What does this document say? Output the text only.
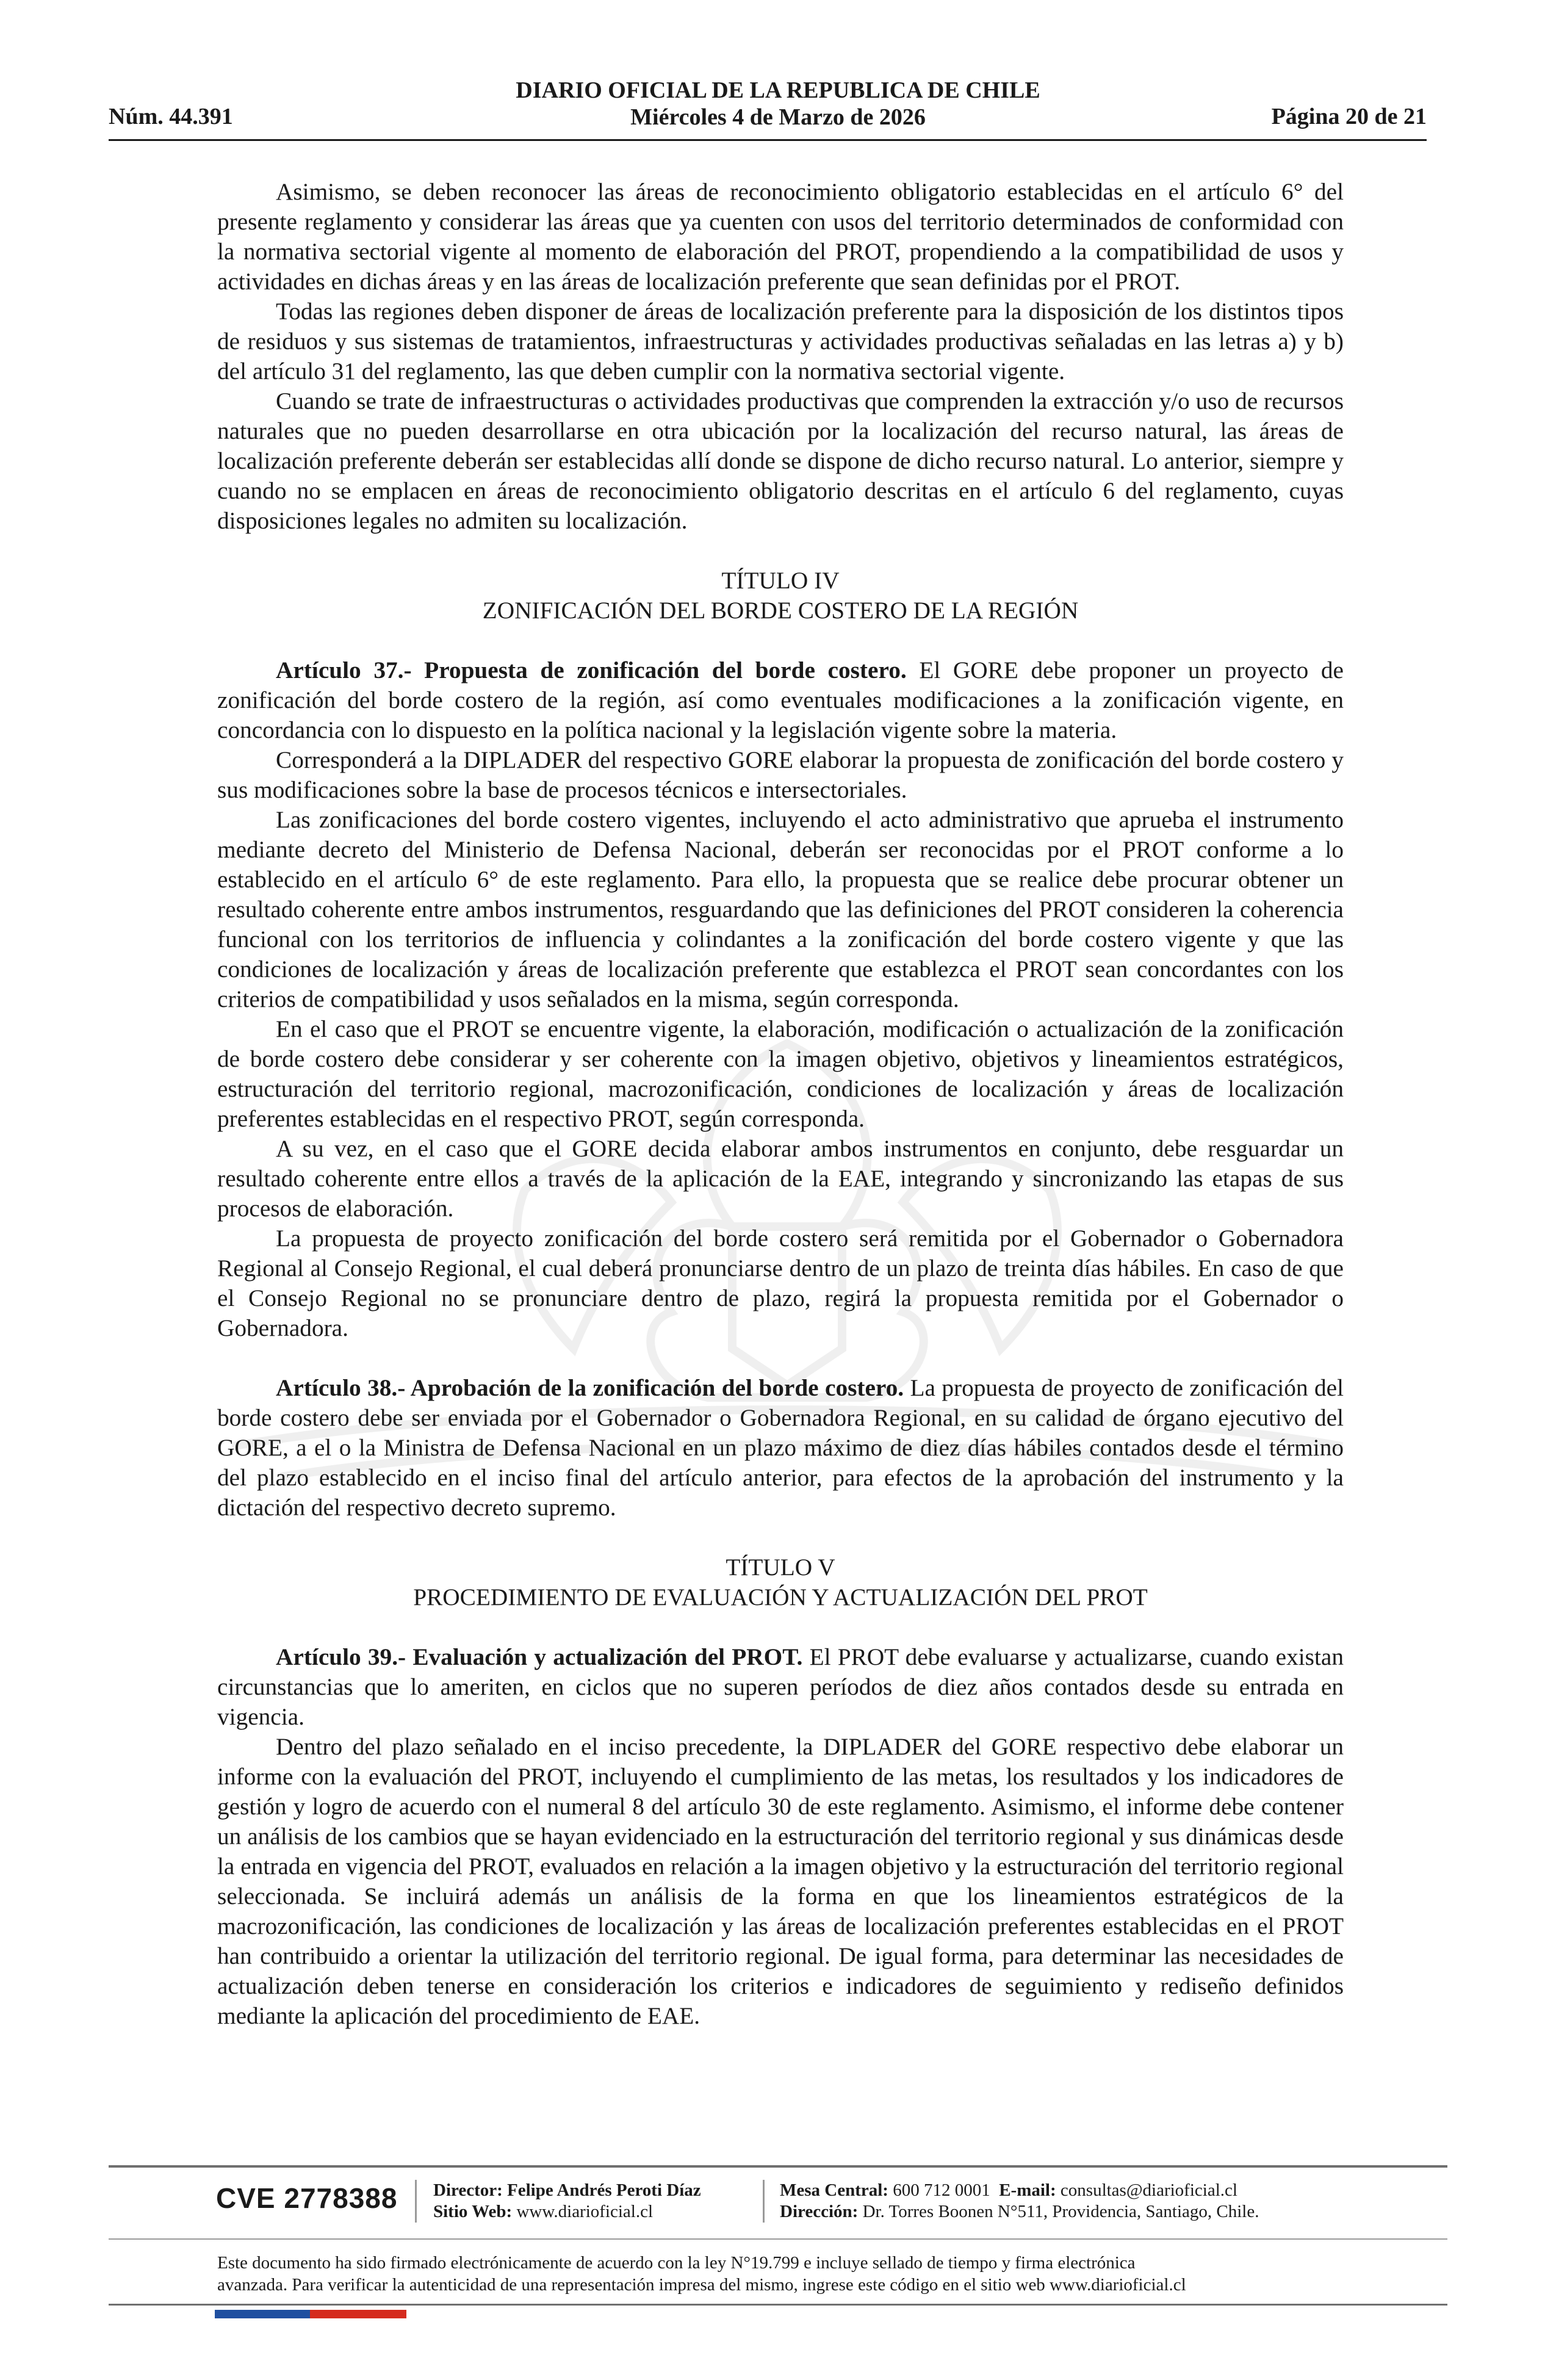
Núm. 44.391
DIARIO OFICIAL DE LA REPUBLICA DE CHILE
Miércoles 4 de Marzo de 2026	Página 20 de 21

Asimismo, se deben reconocer las áreas de reconocimiento obligatorio establecidas en el artículo 6° del presente reglamento y considerar las áreas que ya cuenten con usos del territorio determinados de conformidad con la normativa sectorial vigente al momento de elaboración del PROT, propendiendo a la compatibilidad de usos y actividades en dichas áreas y en las áreas de localización preferente que sean definidas por el PROT.

Todas las regiones deben disponer de áreas de localización preferente para la disposición de los distintos tipos de residuos y sus sistemas de tratamientos, infraestructuras y actividades productivas señaladas en las letras a) y b) del artículo 31 del reglamento, las que deben cumplir con la normativa sectorial vigente.

Cuando se trate de infraestructuras o actividades productivas que comprenden la extracción y/o uso de recursos naturales que no pueden desarrollarse en otra ubicación por la localización del recurso natural, las áreas de localización preferente deberán ser establecidas allí donde se dispone de dicho recurso natural. Lo anterior, siempre y cuando no se emplacen en áreas de reconocimiento obligatorio descritas en el artículo 6 del reglamento, cuyas disposiciones legales no admiten su localización.

TÍTULO IV
ZONIFICACIÓN DEL BORDE COSTERO DE LA REGIÓN

Artículo 37.- Propuesta de zonificación del borde costero. El GORE debe proponer un proyecto de zonificación del borde costero de la región, así como eventuales modificaciones a la zonificación vigente, en concordancia con lo dispuesto en la política nacional y la legislación vigente sobre la materia.

Corresponderá a la DIPLADER del respectivo GORE elaborar la propuesta de zonificación del borde costero y sus modificaciones sobre la base de procesos técnicos e intersectoriales.

Las zonificaciones del borde costero vigentes, incluyendo el acto administrativo que aprueba el instrumento mediante decreto del Ministerio de Defensa Nacional, deberán ser reconocidas por el PROT conforme a lo establecido en el artículo 6° de este reglamento. Para ello, la propuesta que se realice debe procurar obtener un resultado coherente entre ambos instrumentos, resguardando que las definiciones del PROT consideren la coherencia funcional con los territorios de influencia y colindantes a la zonificación del borde costero vigente y que las condiciones de localización y áreas de localización preferente que establezca el PROT sean concordantes con los criterios de compatibilidad y usos señalados en la misma, según corresponda.

En el caso que el PROT se encuentre vigente, la elaboración, modificación o actualización de la zonificación de borde costero debe considerar y ser coherente con la imagen objetivo, objetivos y lineamientos estratégicos, estructuración del territorio regional, macrozonificación, condiciones de localización y áreas de localización preferentes establecidas en el respectivo PROT, según corresponda.

A su vez, en el caso que el GORE decida elaborar ambos instrumentos en conjunto, debe resguardar un resultado coherente entre ellos a través de la aplicación de la EAE, integrando y sincronizando las etapas de sus procesos de elaboración.

La propuesta de proyecto zonificación del borde costero será remitida por el Gobernador o Gobernadora Regional al Consejo Regional, el cual deberá pronunciarse dentro de un plazo de treinta días hábiles. En caso de que el Consejo Regional no se pronunciare dentro de plazo, regirá la propuesta remitida por el Gobernador o Gobernadora.

Artículo 38.- Aprobación de la zonificación del borde costero. La propuesta de proyecto de zonificación del borde costero debe ser enviada por el Gobernador o Gobernadora Regional, en su calidad de órgano ejecutivo del GORE, a el o la Ministra de Defensa Nacional en un plazo máximo de diez días hábiles contados desde el término del plazo establecido en el inciso final del artículo anterior, para efectos de la aprobación del instrumento y la dictación del respectivo decreto supremo.

TÍTULO V
PROCEDIMIENTO DE EVALUACIÓN Y ACTUALIZACIÓN DEL PROT

Artículo 39.- Evaluación y actualización del PROT. El PROT debe evaluarse y actualizarse, cuando existan circunstancias que lo ameriten, en ciclos que no superen períodos de diez años contados desde su entrada en vigencia.

Dentro del plazo señalado en el inciso precedente, la DIPLADER del GORE respectivo debe elaborar un informe con la evaluación del PROT, incluyendo el cumplimiento de las metas, los resultados y los indicadores de gestión y logro de acuerdo con el numeral 8 del artículo 30 de este reglamento. Asimismo, el informe debe contener un análisis de los cambios que se hayan evidenciado en la estructuración del territorio regional y sus dinámicas desde la entrada en vigencia del PROT, evaluados en relación a la imagen objetivo y la estructuración del territorio regional seleccionada. Se incluirá además un análisis de la forma en que los lineamientos estratégicos de la macrozonificación, las condiciones de localización y las áreas de localización preferentes establecidas en el PROT han contribuido a orientar la utilización del territorio regional. De igual forma, para determinar las necesidades de actualización deben tenerse en consideración los criterios e indicadores de seguimiento y rediseño definidos mediante la aplicación del procedimiento de EAE.

CVE 2778388 Director: Felipe Andrés Peroti Díaz
Sitio Web: www.diarioficial.cl
Mesa Central: 600 712 0001 E-mail: consultas@diarioficial.cl
Dirección: Dr. Torres Boonen N°511, Providencia, Santiago, Chile.
Este documento ha sido firmado electrónicamente de acuerdo con la ley N°19.799 e incluye sellado de tiempo y firma electrónica
avanzada. Para verificar la autenticidad de una representación impresa del mismo, ingrese este código en el sitio web www.diarioficial.cl
